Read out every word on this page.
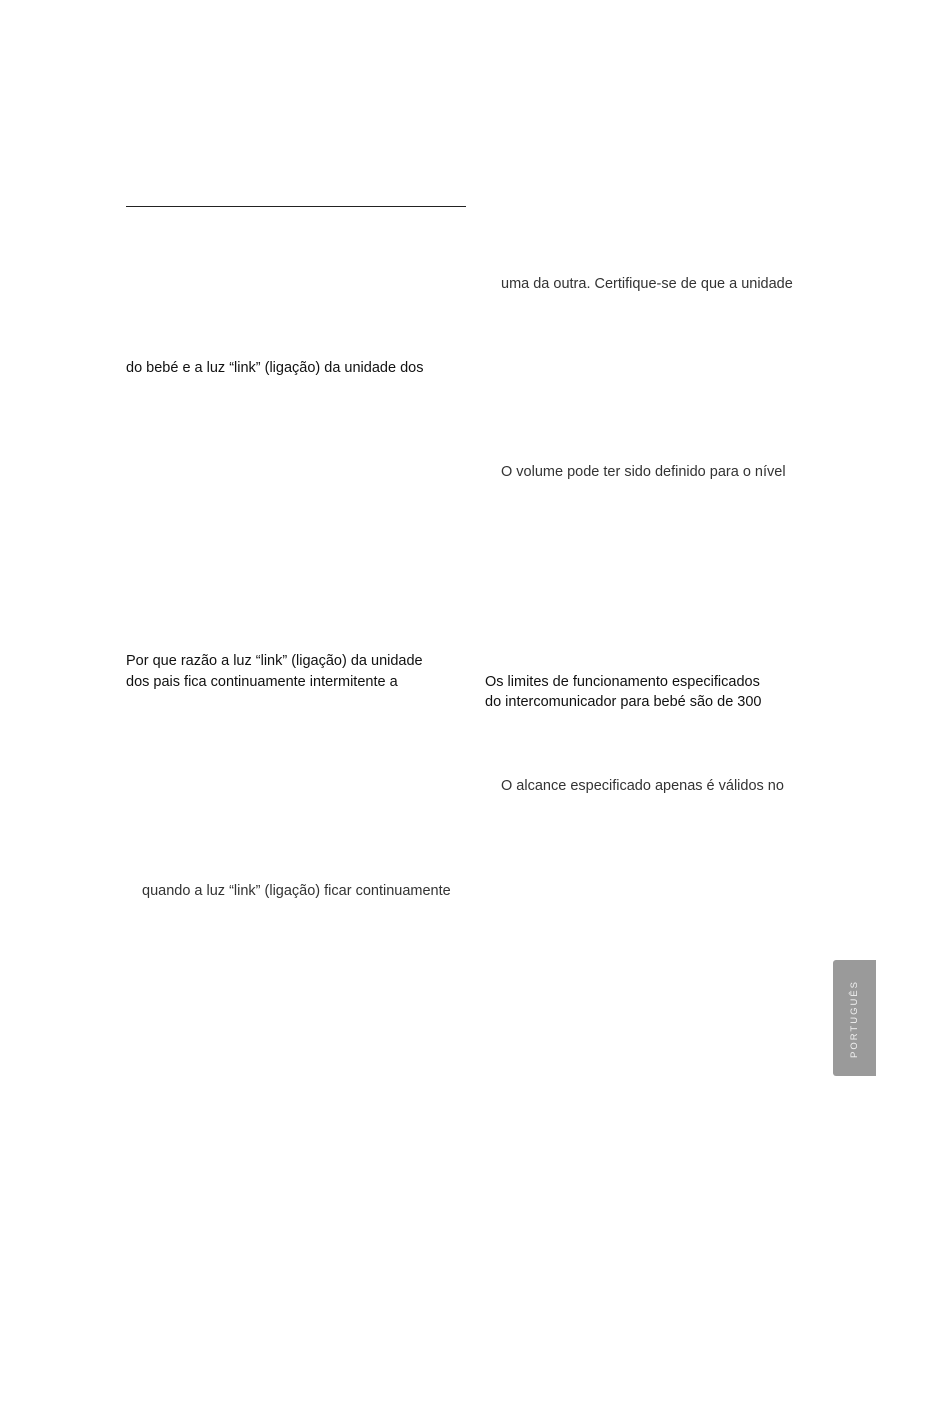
do bebé e a luz “link” (ligação) da unidade dos
Por que razão a luz “link” (ligação) da unidade
dos pais fica continuamente intermitente a
quando a luz “link” (ligação) ficar continuamente
uma da outra. Certifique-se de que a unidade
O volume pode ter sido definido para o nível
Os limites de funcionamento especificados
do intercomunicador para bebé são de 300
O alcance especificado apenas é válidos no
PORTUGUÊS
